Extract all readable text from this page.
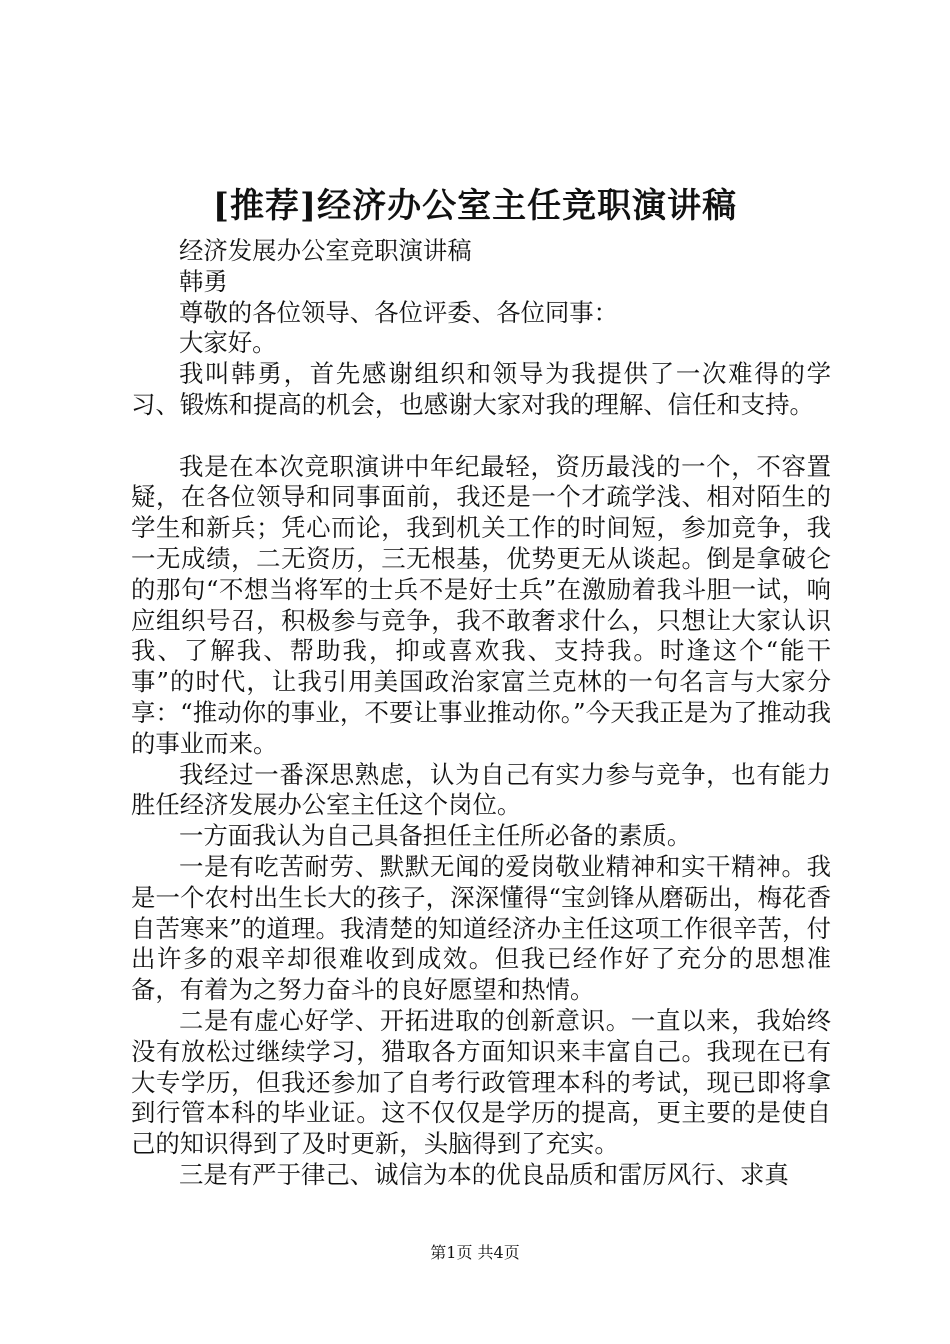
[推荐]经济办公室主任竞职演讲稿

经济发展办公室竞职演讲稿

韩勇

尊敬的各位领导、各位评委、各位同事：

大家好。

我叫韩勇，首先感谢组织和领导为我提供了一次难得的学习、锻炼和提高的机会，也感谢大家对我的理解、信任和支持。

我是在本次竞职演讲中年纪最轻，资历最浅的一个，不容置疑，在各位领导和同事面前，我还是一个才疏学浅、相对陌生的学生和新兵；凭心而论，我到机关工作的时间短，参加竞争，我一无成绩，二无资历，三无根基，优势更无从谈起。倒是拿破仑的那句“不想当将军的士兵不是好士兵”在激励着我斗胆一试，响应组织号召，积极参与竞争，我不敢奢求什么，只想让大家认识我、了解我、帮助我，抑或喜欢我、支持我。时逢这个“能干事”的时代，让我引用美国政治家富兰克林的一句名言与大家分享：“推动你的事业，不要让事业推动你。”今天我正是为了推动我的事业而来。

我经过一番深思熟虑，认为自己有实力参与竞争，也有能力胜任经济发展办公室主任这个岗位。

一方面我认为自己具备担任主任所必备的素质。

一是有吃苦耐劳、默默无闻的爱岗敬业精神和实干精神。我是一个农村出生长大的孩子，深深懂得“宝剑锋从磨砺出，梅花香自苦寒来”的道理。我清楚的知道经济办主任这项工作很辛苦，付出许多的艰辛却很难收到成效。但我已经作好了充分的思想准备，有着为之努力奋斗的良好愿望和热情。

二是有虚心好学、开拓进取的创新意识。一直以来，我始终没有放松过继续学习，猎取各方面知识来丰富自己。我现在已有大专学历，但我还参加了自考行政管理本科的考试，现已即将拿到行管本科的毕业证。这不仅仅是学历的提高，更主要的是使自己的知识得到了及时更新，头脑得到了充实。

三是有严于律己、诚信为本的优良品质和雷厉风行、求真

第1页 共4页
